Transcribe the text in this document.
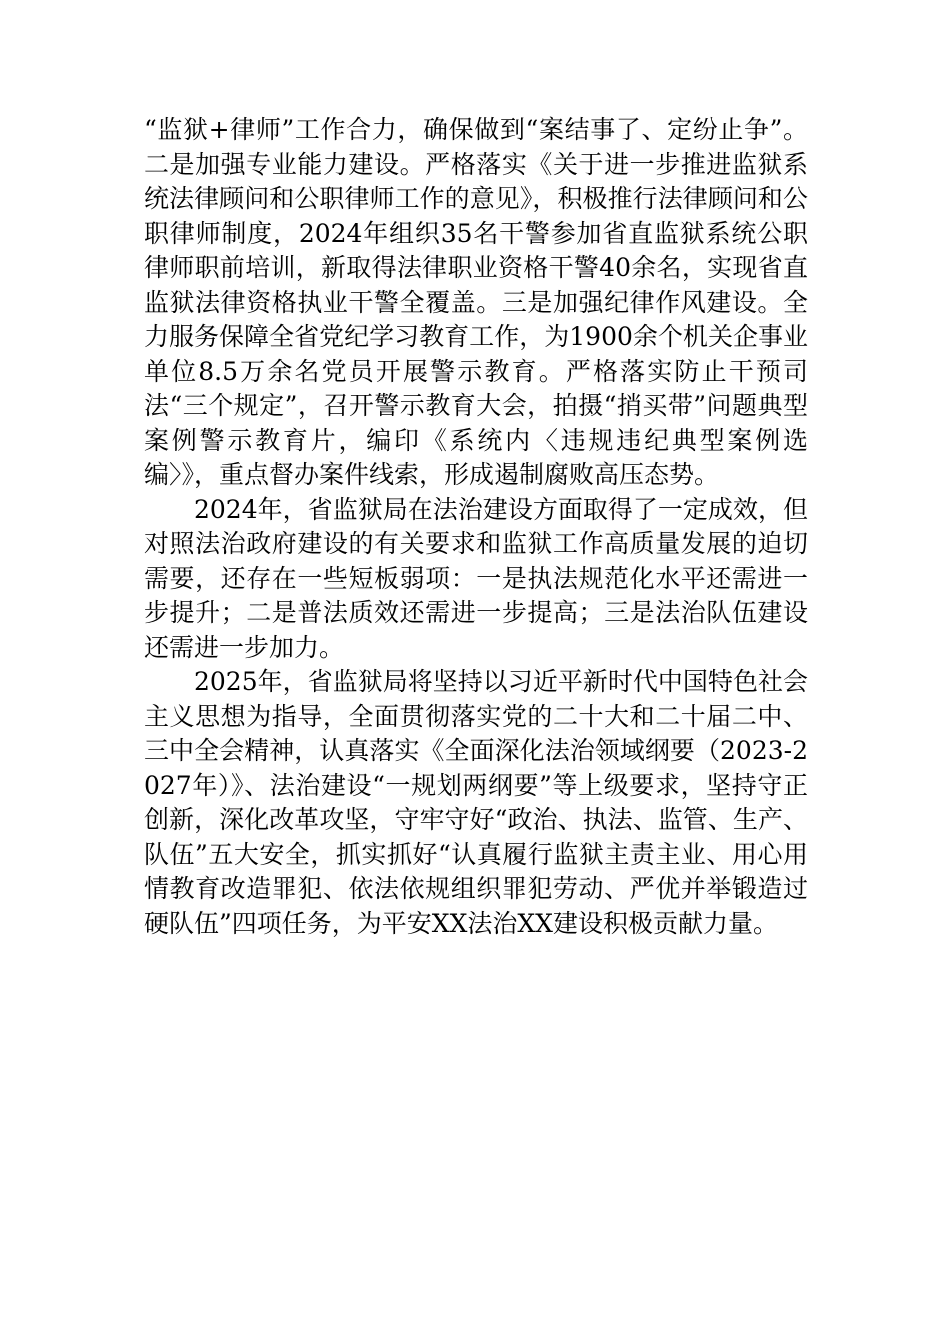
“监狱+律师”工作合力，确保做到“案结事了、定纷止争”。二是加强专业能力建设。严格落实《关于进一步推进监狱系统法律顾问和公职律师工作的意见》，积极推行法律顾问和公职律师制度，2024年组织35名干警参加省直监狱系统公职律师职前培训，新取得法律职业资格干警40余名，实现省直监狱法律资格执业干警全覆盖。三是加强纪律作风建设。全力服务保障全省党纪学习教育工作，为1900余个机关企事业单位8.5万余名党员开展警示教育。严格落实防止干预司法“三个规定”，召开警示教育大会，拍摄“捎买带”问题典型案例警示教育片，编印《系统内〈违规违纪典型案例选编〉》，重点督办案件线索，形成遏制腐败高压态势。

2024年，省监狱局在法治建设方面取得了一定成效，但对照法治政府建设的有关要求和监狱工作高质量发展的迫切需要，还存在一些短板弱项：一是执法规范化水平还需进一步提升；二是普法质效还需进一步提高；三是法治队伍建设还需进一步加力。

2025年，省监狱局将坚持以习近平新时代中国特色社会主义思想为指导，全面贯彻落实党的二十大和二十届二中、三中全会精神，认真落实《全面深化法治领域纲要（2023-2027年）》、法治建设“一规划两纲要”等上级要求，坚持守正创新，深化改革攻坚，守牢守好“政治、执法、监管、生产、队伍”五大安全，抓实抓好“认真履行监狱主责主业、用心用情教育改造罪犯、依法依规组织罪犯劳动、严优并举锻造过硬队伍”四项任务，为平安XX法治XX建设积极贡献力量。
